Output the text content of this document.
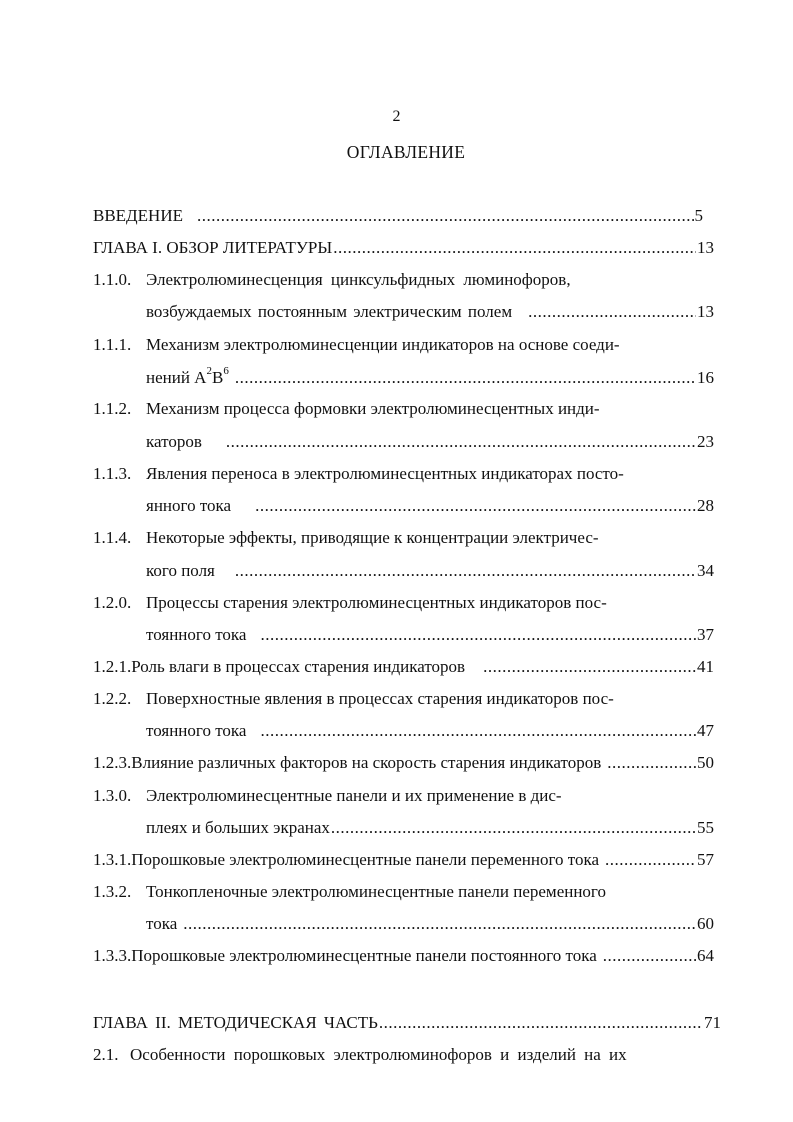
2
ОГЛАВЛЕНИЕ
ВВЕДЕНИЕ .....	5
ГЛАВА I. ОБЗОР ЛИТЕРАТУРЫ .....	13
1.1.0. Электролюминесценция цинксульфидных люминофоров,
возбуждаемых постоянным электрическим полем .....	13
1.1.1. Механизм электролюминесценции индикаторов на основе соеди-
нений $A^2B^6$ .....	16
1.1.2. Механизм процесса формовки электролюминесцентных инди-
каторов .....	23
1.1.3. Явления переноса в электролюминесцентных индикаторах посто-
янного тока .....	28
1.1.4. Некоторые эффекты, приводящие к концентрации электричес-
кого поля .....	34
1.2.0. Процессы старения электролюминесцентных индикаторов пос-
тоянного тока .....	37
1.2.1. Роль влаги в процессах старения индикаторов .....	41
1.2.2. Поверхностные явления в процессах старения индикаторов пос-
тоянного тока .....	47
1.2.3. Влияние различных факторов на скорость старения индикаторов .....	50
1.3.0. Электролюминесцентные панели и их применение в дис-
плеях и больших экранах .....	55
1.3.1. Порошковые электролюминесцентные панели переменного тока .....	57
1.3.2. Тонкопленочные электролюминесцентные панели переменного
тока .....	60
1.3.3. Порошковые электролюминесцентные панели постоянного тока .....	64
ГЛАВА II. МЕТОДИЧЕСКАЯ ЧАСТЬ .....	71
2.1. Особенности порошковых электролюминофоров и изделий на их
